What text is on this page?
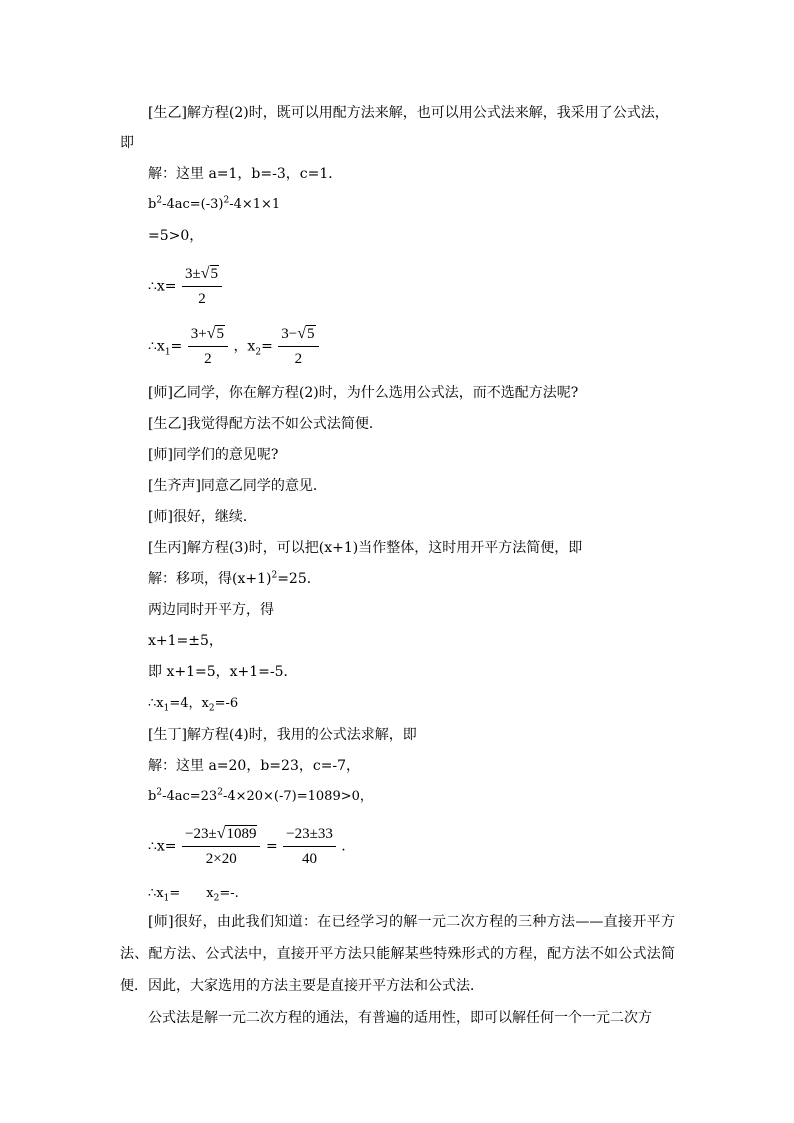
[生乙]解方程(2)时，既可以用配方法来解，也可以用公式法来解，我采用了公式法，
即
解：这里 a=1，b=-3，c=1．
$b^2-4ac=(-3)^2-4\times 1\times 1$
=5>0，
∴x= $\frac{3\pm√5}{2}$
$\therefore x_1= \frac{3+√5}{2}$ ，$x_2= \frac{3-√5}{2}$
[师]乙同学，你在解方程(2)时，为什么选用公式法，而不选配方法呢?
[生乙]我觉得配方法不如公式法简便．
[师]同学们的意见呢?
[生齐声]同意乙同学的意见．
[师]很好，继续．
[生丙]解方程(3)时，可以把(x+1)当作整体，这时用开平方法简便，即
解：移项，得$(x+1)^2=25$．
两边同时开平方，得
x+1=±5，
即 x+1=5，x+1=-5．
$\therefore x_1=4$，$x_2=-6$
[生丁]解方程(4)时，我用的公式法求解，即
解：这里 a=20，b=23，c=-7，
$b^2-4ac=23^2-4\times 20\times(-7)=1089>0$，
∴x= $\frac{-23\pm√1089}{2\times 20} = \frac{-23\pm 33}{40}$ .
$\therefore x_1=$　　$x_2=-$.
[师]很好，由此我们知道：在已经学习的解一元二次方程的三种方法——直接开平方法、配方法、公式法中，直接开平方法只能解某些特殊形式的方程，配方法不如公式法简便．因此，大家选用的方法主要是直接开平方法和公式法．
公式法是解一元二次方程的通法，有普遍的适用性，即可以解任何一个一元二次方
